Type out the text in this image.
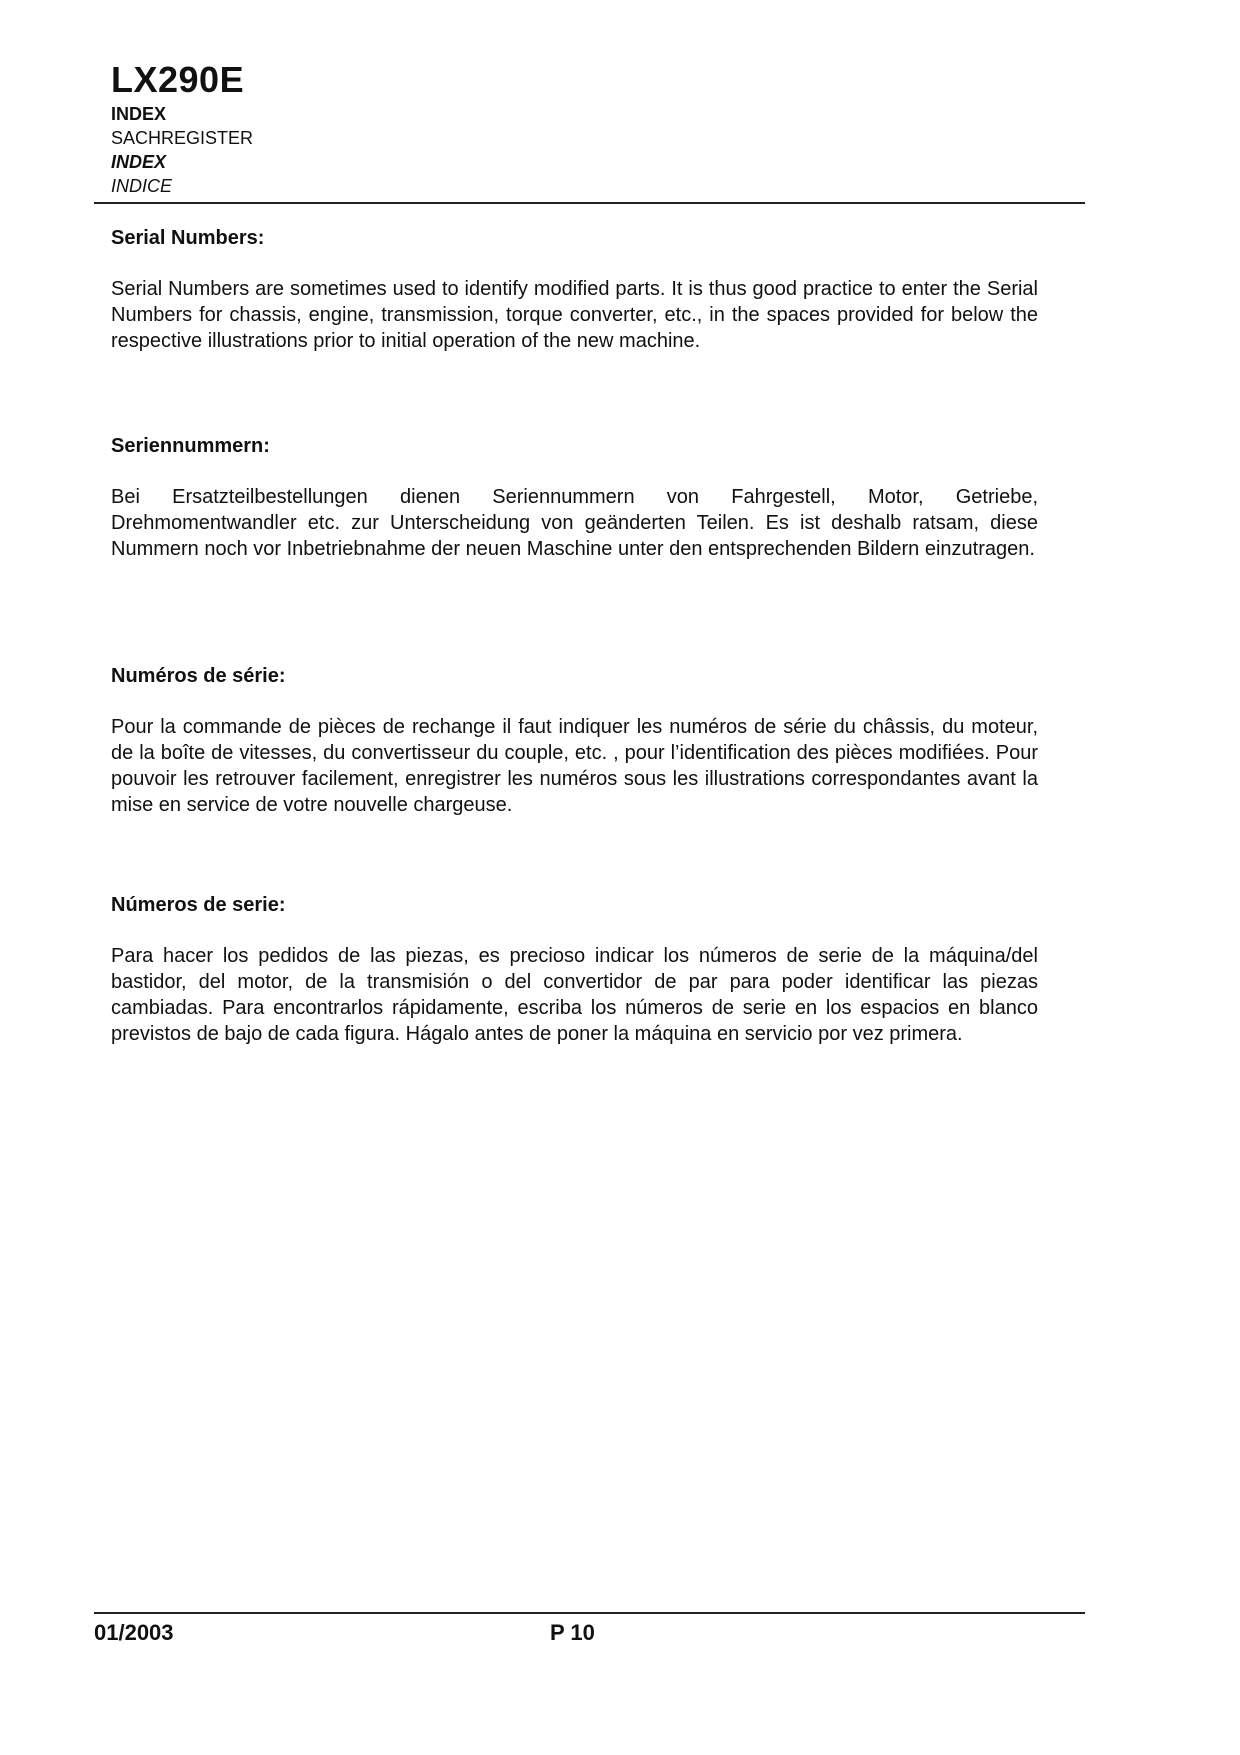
LX290E

INDEX

SACHREGISTER

INDEX

INDICE

Serial Numbers:

Serial Numbers are sometimes used to identify modified parts. It is thus good practice to enter the Serial Numbers for chassis, engine, transmission, torque converter, etc., in the spaces provided for below the respective illustrations prior to initial operation of the new machine.

Seriennummern:

Bei Ersatzteilbestellungen dienen Seriennummern von Fahrgestell, Motor, Getriebe, Drehmomentwandler etc. zur Unterscheidung von geänderten Teilen. Es ist deshalb ratsam, diese Nummern noch vor Inbetriebnahme der neuen Maschine unter den entsprechenden Bildern einzutragen.

Numéros de série:

Pour la commande de pièces de rechange il faut indiquer les numéros de série du châssis, du moteur, de la boîte de vitesses, du convertisseur du couple, etc. , pour l’identification des pièces modifiées. Pour pouvoir les retrouver facilement, enregistrer les numéros sous les illustrations correspondantes avant la mise en service de votre nouvelle chargeuse.

Números de serie:

Para hacer los pedidos de las piezas, es precioso indicar los números de serie de la máquina/del bastidor, del motor, de la transmisión o del convertidor de par para poder identificar las piezas cambiadas. Para encontrarlos rápidamente, escriba los números de serie en los espacios en blanco previstos de bajo de cada figura. Hágalo antes de poner la máquina en servicio por vez primera.

01/2003	P 10
